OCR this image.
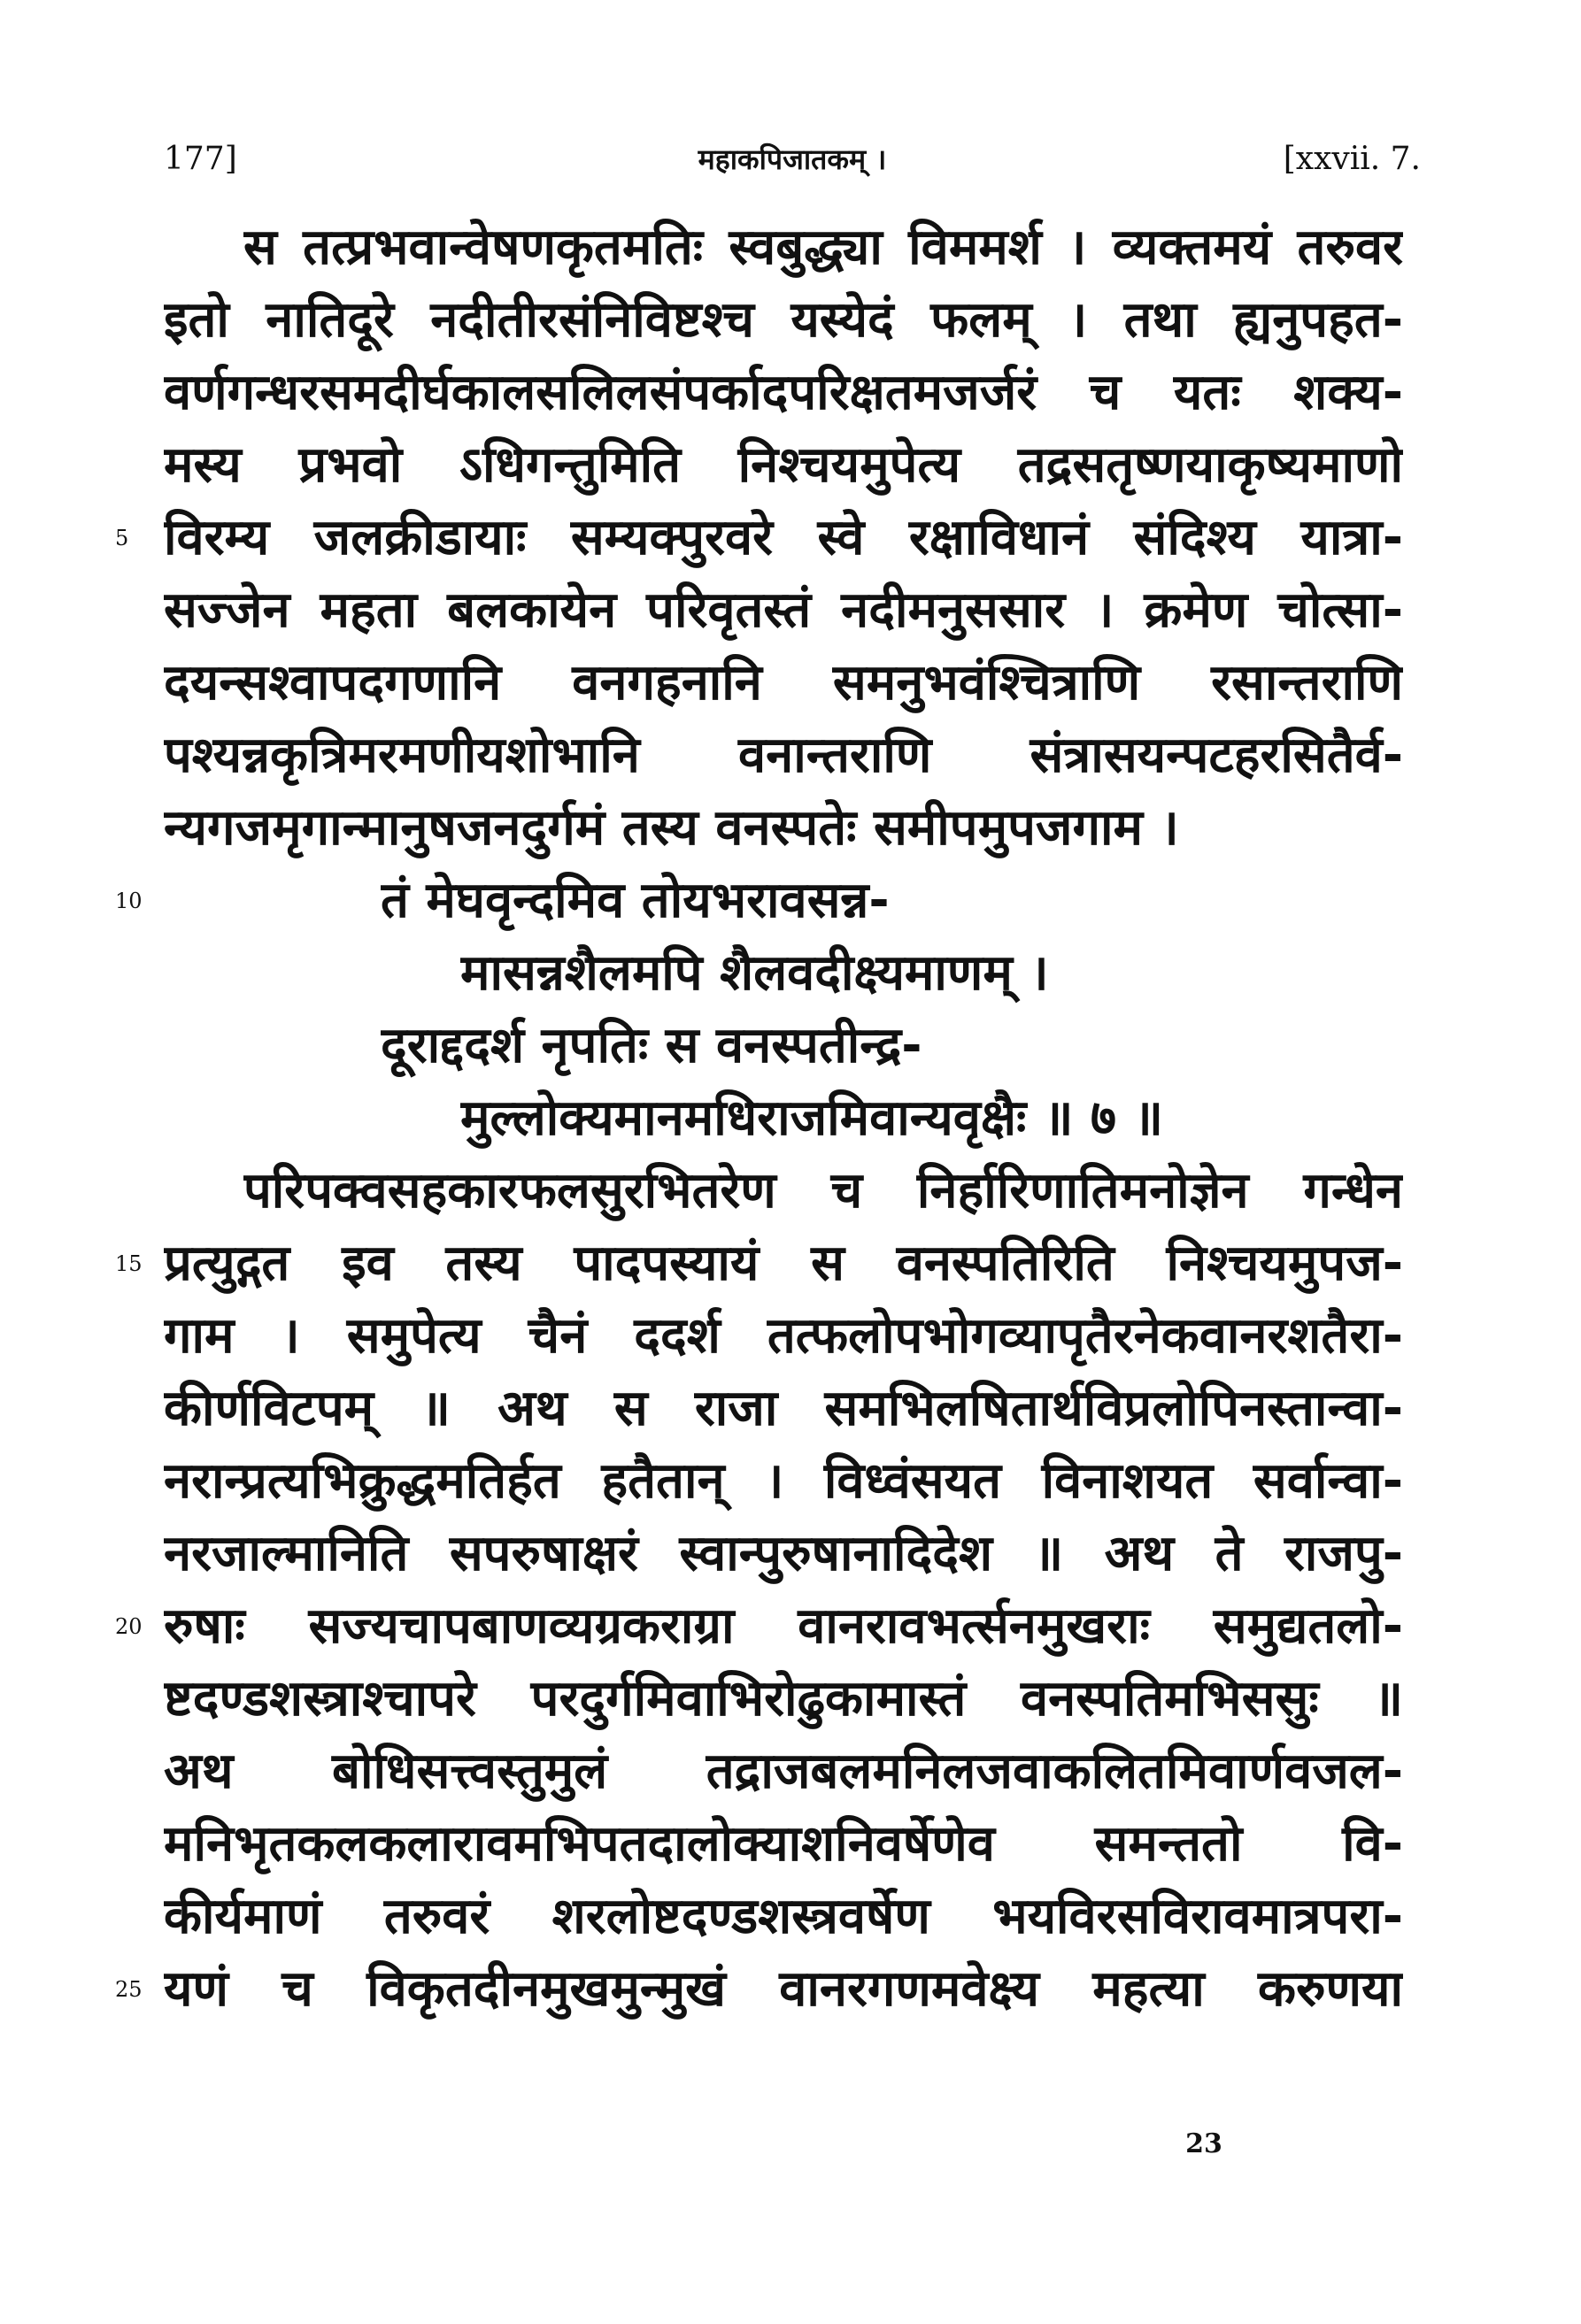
महाकपिजातकम् ।
177]	[xxvii. 7.
स तत्प्रभवान्वेषणकृतमतिः स्वबुद्ध्या विममर्श । व्यक्तमयं तरुवर
इतो नातिदूरे नदीतीरसंनिविष्टश्च यस्येदं फलम् । तथा ह्यनुपहत-
वर्णगन्धरसमदीर्घकालसलिलसंपर्कादपरिक्षतमजर्जरं च यतः शक्य-
मस्य प्रभवो ऽधिगन्तुमिति निश्चयमुपेत्य तद्रसतृष्णयाकृष्यमाणो
विरम्य जलक्रीडायाः सम्यक्पुरवरे स्वे रक्षाविधानं संदिश्य यात्रा-
सज्जेन महता बलकायेन परिवृतस्तं नदीमनुससार । क्रमेण चोत्सा-
दयन्सश्वापदगणानि वनगहनानि समनुभवंश्चित्राणि रसान्तराणि
पश्यन्नकृत्रिमरमणीयशोभानि वनान्तराणि संत्रासयन्पटहरसितैर्व-
न्यगजमृगान्मानुषजनदुर्गमं तस्य वनस्पतेः समीपमुपजगाम ।
तं मेघवृन्दमिव तोयभरावसन्न-
मासन्नशैलमपि शैलवदीक्ष्यमाणम् ।
दूराद्ददर्श नृपतिः स वनस्पतीन्द्र-
मुल्लोक्यमानमधिराजमिवान्यवृक्षैः ॥ ७ ॥
परिपक्वसहकारफलसुरभितरेण च निर्हारिणातिमनोज्ञेन गन्धेन
प्रत्युद्गत इव तस्य पादपस्यायं स वनस्पतिरिति निश्चयमुपज-
गाम । समुपेत्य चैनं ददर्श तत्फलोपभोगव्यापृतैरनेकवानरशतैरा-
कीर्णविटपम् ॥ अथ स राजा समभिलषितार्थविप्रलोपिनस्तान्वा-
नरान्प्रत्यभिक्रुद्धमतिर्हत हतैतान् । विध्वंसयत विनाशयत सर्वान्वा-
नरजाल्मानिति सपरुषाक्षरं स्वान्पुरुषानादिदेश ॥ अथ ते राजपु-
रुषाः सज्यचापबाणव्यग्रकराग्रा वानरावभर्त्सनमुखराः समुद्यतलो-
ष्टदण्डशस्त्राश्चापरे परदुर्गमिवाभिरोढुकामास्तं वनस्पतिमभिससुः ॥
अथ बोधिसत्त्वस्तुमुलं तद्राजबलमनिलजवाकलितमिवार्णवजल-
मनिभृतकलकलारावमभिपतदालोक्याशनिवर्षेणेव समन्ततो वि-
कीर्यमाणं तरुवरं शरलोष्टदण्डशस्त्रवर्षेण भयविरसविरावमात्रपरा-
यणं च विकृतदीनमुखमुन्मुखं वानरगणमवेक्ष्य महत्या करुणया
5
10
15
20
25
23
